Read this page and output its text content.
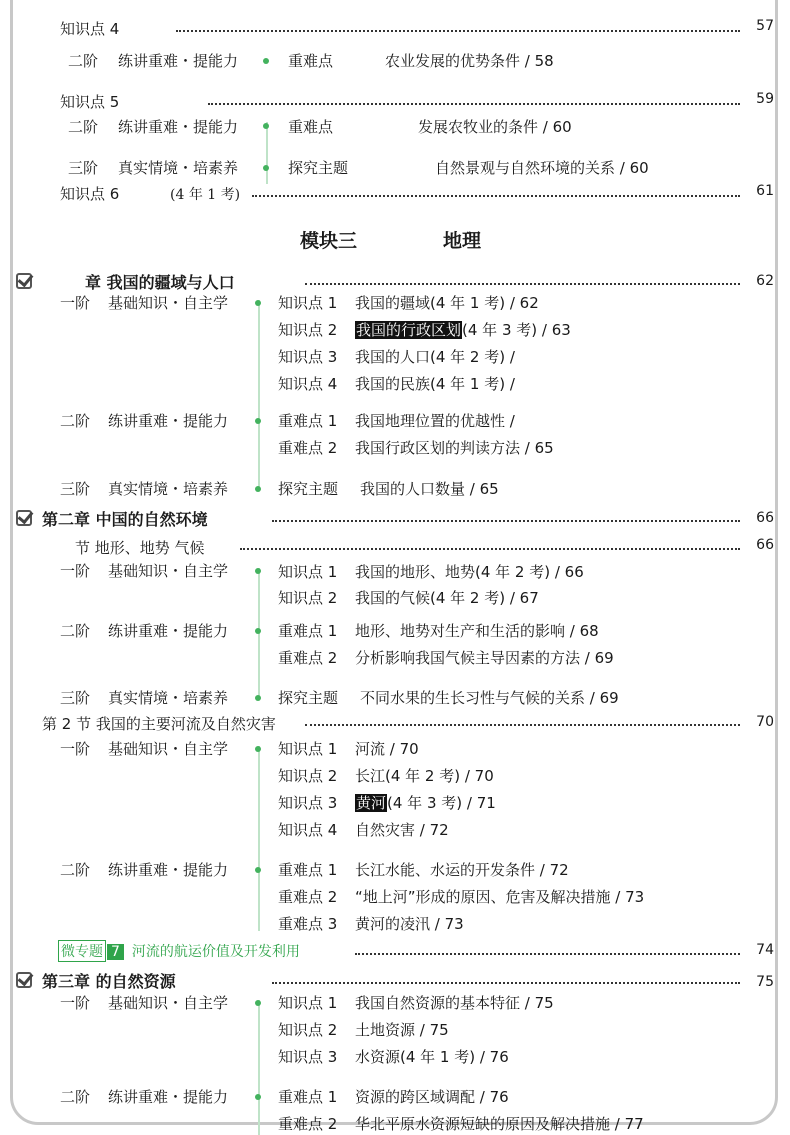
知识点 4	57
二阶 练讲重难・提能力	重难点	农业发展的优势条件 / 58
知识点 5	59
二阶 练讲重难・提能力	重难点	发展农牧业的条件 / 60
三阶 真实情境・培素养	探究主题	自然景观与自然环境的关系 / 60
知识点 6	(4 年 1 考)	61
模块三	地理
章 我国的疆域与人口	62
一阶 基础知识・自主学	知识点 1 我国的疆域(4 年 1 考) / 62
知识点 2 我国的行政区划(4 年 3 考) / 63
知识点 3 我国的人口(4 年 2 考) /
知识点 4 我国的民族(4 年 1 考) /
二阶 练讲重难・提能力	重难点 1 我国地理位置的优越性 /
重难点 2 我国行政区划的判读方法 / 65
三阶 真实情境・培素养	探究主题 我国的人口数量 / 65
第二章 中国的自然环境	66
节 地形、地势 气候	66
一阶 基础知识・自主学	知识点 1 我国的地形、地势(4 年 2 考) / 66
知识点 2 我国的气候(4 年 2 考) / 67
二阶 练讲重难・提能力	重难点 1 地形、地势对生产和生活的影响 / 68
重难点 2 分析影响我国气候主导因素的方法 / 69
三阶 真实情境・培素养	探究主题 不同水果的生长习性与气候的关系 / 69
第 2 节 我国的主要河流及自然灾害	70
一阶 基础知识・自主学	知识点 1 河流 / 70
知识点 2 长江(4 年 2 考) / 70
知识点 3 黄河(4 年 3 考) / 71
知识点 4 自然灾害 / 72
二阶 练讲重难・提能力	重难点 1 长江水能、水运的开发条件 / 72
重难点 2 “地上河”形成的原因、危害及解决措施 / 73
重难点 3 黄河的凌汛 / 73
微专题 7 河流的航运价值及开发利用	74
第三章 的自然资源	75
一阶 基础知识・自主学	知识点 1 我国自然资源的基本特征 / 75
知识点 2 土地资源 / 75
知识点 3 水资源(4 年 1 考) / 76
二阶 练讲重难・提能力	重难点 1 资源的跨区域调配 / 76
重难点 2 华北平原水资源短缺的原因及解决措施 / 77
